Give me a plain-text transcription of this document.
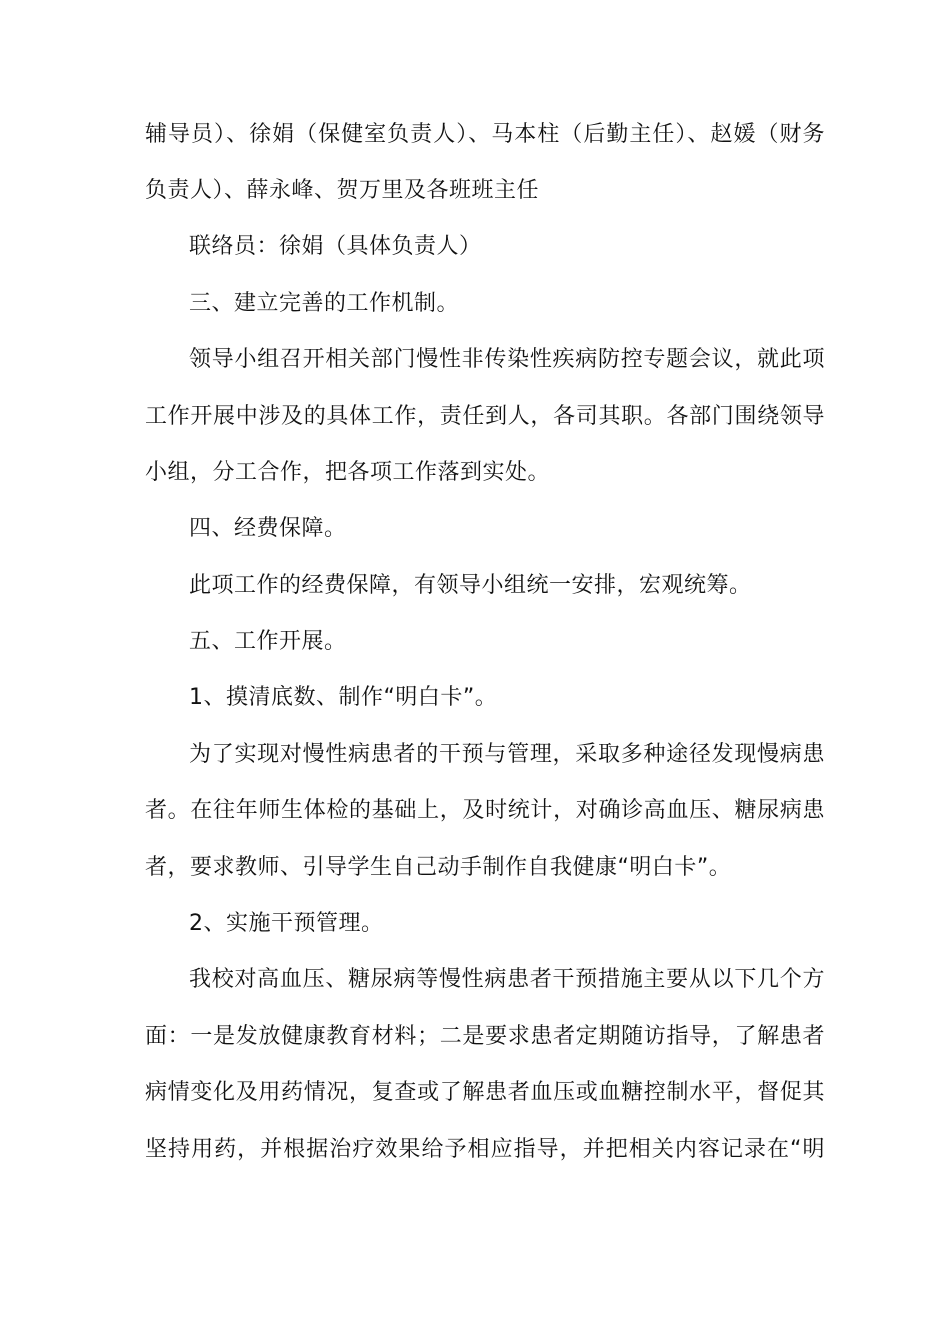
辅导员）、徐娟（保健室负责人）、马本柱（后勤主任）、赵媛（财务
负责人）、薛永峰、贺万里及各班班主任
联络员：徐娟（具体负责人）
三、建立完善的工作机制。
领导小组召开相关部门慢性非传染性疾病防控专题会议，就此项
工作开展中涉及的具体工作，责任到人，各司其职。各部门围绕领导
小组，分工合作，把各项工作落到实处。
四、经费保障。
此项工作的经费保障，有领导小组统一安排，宏观统筹。
五、工作开展。
1、摸清底数、制作“明白卡”。
为了实现对慢性病患者的干预与管理，采取多种途径发现慢病患
者。在往年师生体检的基础上，及时统计，对确诊高血压、糖尿病患
者，要求教师、引导学生自己动手制作自我健康“明白卡”。
2、实施干预管理。
我校对高血压、糖尿病等慢性病患者干预措施主要从以下几个方
面：一是发放健康教育材料；二是要求患者定期随访指导，了解患者
病情变化及用药情况，复查或了解患者血压或血糖控制水平，督促其
坚持用药，并根据治疗效果给予相应指导，并把相关内容记录在“明
